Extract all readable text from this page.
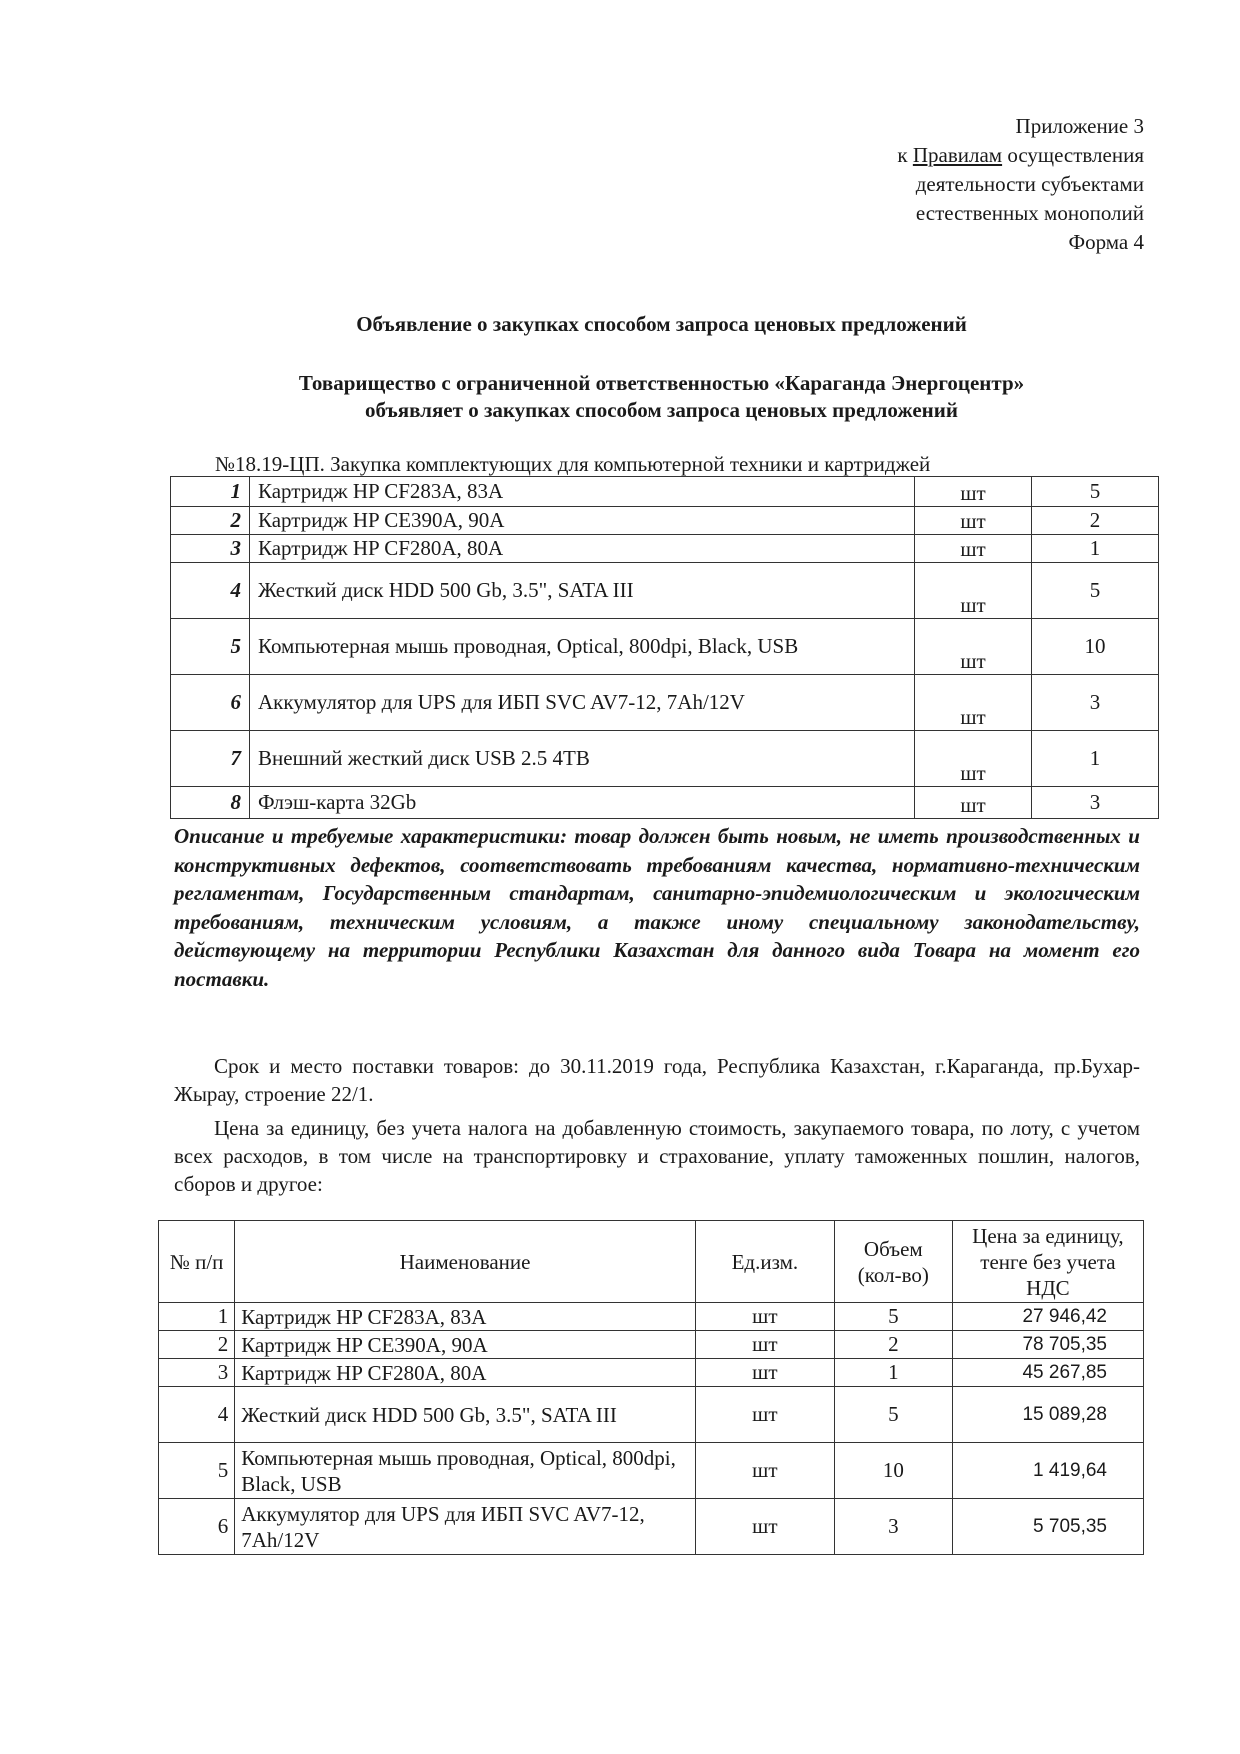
Приложение 3
к Правилам осуществления
деятельности субъектами
естественных монополий
Форма 4
Объявление о закупках способом запроса ценовых предложений
Товарищество с ограниченной ответственностью «Караганда Энергоцентр»
объявляет о закупках способом запроса ценовых предложений
№18.19-ЦП. Закупка комплектующих для компьютерной техники и картриджей
1	Картридж HP CF283A, 83A	шт	5
2	Картридж HP CE390A, 90A	шт	2
3	Картридж HP CF280A, 80A	шт	1
4	Жесткий диск HDD 500 Gb, 3.5", SATA III	шт	5
5	Компьютерная мышь проводная, Optical, 800dpi, Black, USB	шт	10
6	Аккумулятор для UPS для ИБП SVC AV7-12, 7Ah/12V	шт	3
7	Внешний жесткий диск USB 2.5 4TB	шт	1
8	Флэш-карта 32Gb	шт	3
Описание и требуемые характеристики: товар должен быть новым, не иметь производственных и конструктивных дефектов, соответствовать требованиям качества, нормативно-техническим регламентам, Государственным стандартам, санитарно-эпидемиологическим и экологическим требованиям, техническим условиям, а также иному специальному законодательству, действующему на территории Республики Казахстан для данного вида Товара на момент его поставки.

Срок и место поставки товаров: до 30.11.2019 года, Республика Казахстан, г.Караганда, пр.Бухар-Жырау, строение 22/1.

Цена за единицу, без учета налога на добавленную стоимость, закупаемого товара, по лоту, с учетом всех расходов, в том числе на транспортировку и страхование, уплату таможенных пошлин, налогов, сборов и другое:

№ п/п	Наименование	Ед.изм.	Объем (кол-во)	Цена за единицу, тенге без учета НДС
1	Картридж HP CF283A, 83A	шт	5	27 946,42
2	Картридж HP CE390A, 90A	шт	2	78 705,35
3	Картридж HP CF280A, 80A	шт	1	45 267,85
4	Жесткий диск HDD 500 Gb, 3.5", SATA III	шт	5	15 089,28
5	Компьютерная мышь проводная, Optical, 800dpi, Black, USB	шт	10	1 419,64
6	Аккумулятор для UPS для ИБП SVC AV7-12, 7Ah/12V	шт	3	5 705,35
